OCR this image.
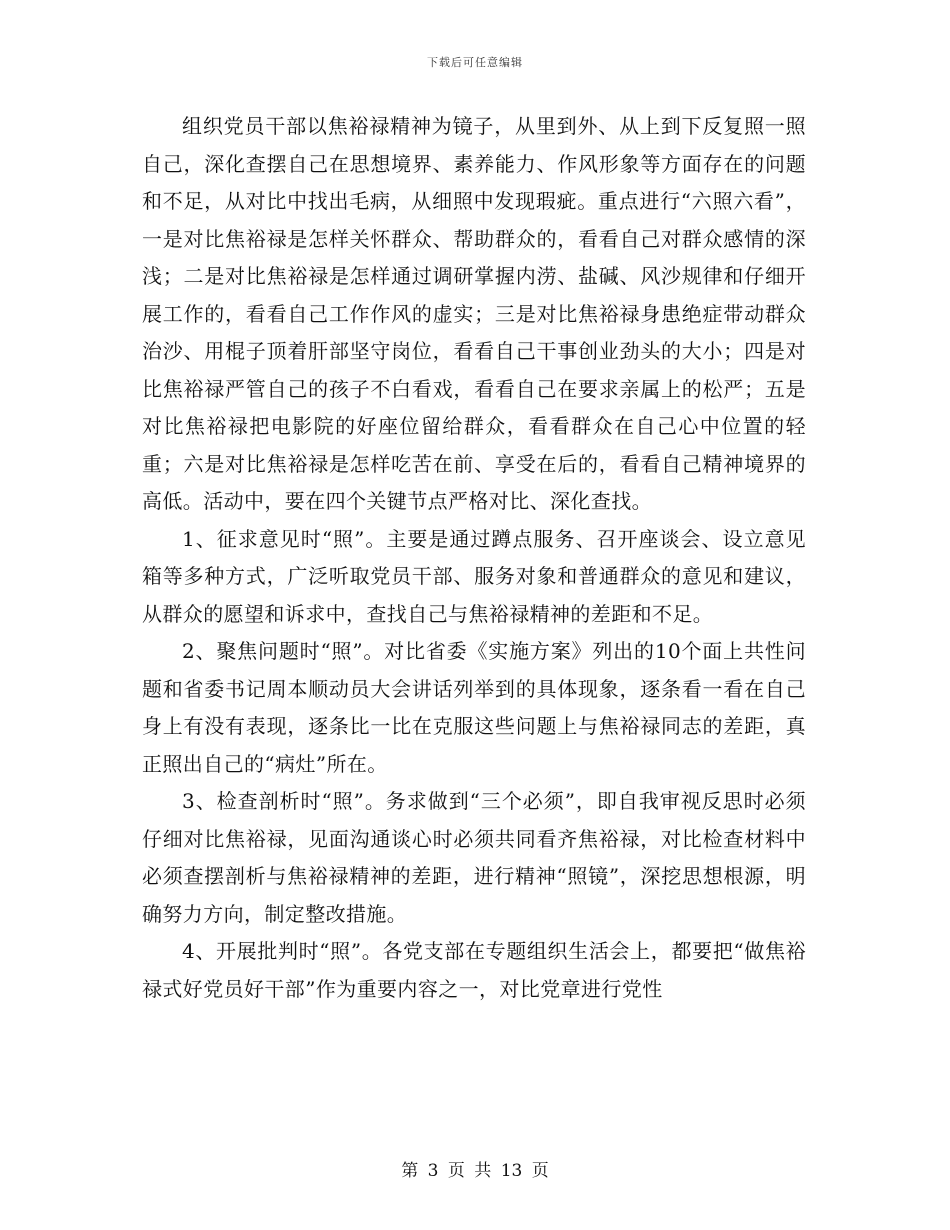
下载后可任意编辑

组织党员干部以焦裕禄精神为镜子，从里到外、从上到下反复照一照自己，深化查摆自己在思想境界、素养能力、作风形象等方面存在的问题和不足，从对比中找出毛病，从细照中发现瑕疵。重点进行“六照六看”，一是对比焦裕禄是怎样关怀群众、帮助群众的，看看自己对群众感情的深浅；二是对比焦裕禄是怎样通过调研掌握内涝、盐碱、风沙规律和仔细开展工作的，看看自己工作作风的虚实；三是对比焦裕禄身患绝症带动群众治沙、用棍子顶着肝部坚守岗位，看看自己干事创业劲头的大小；四是对比焦裕禄严管自己的孩子不白看戏，看看自己在要求亲属上的松严；五是对比焦裕禄把电影院的好座位留给群众，看看群众在自己心中位置的轻重；六是对比焦裕禄是怎样吃苦在前、享受在后的，看看自己精神境界的高低。活动中，要在四个关键节点严格对比、深化查找。

1、征求意见时“照”。主要是通过蹲点服务、召开座谈会、设立意见箱等多种方式，广泛听取党员干部、服务对象和普通群众的意见和建议，从群众的愿望和诉求中，查找自己与焦裕禄精神的差距和不足。

2、聚焦问题时“照”。对比省委《实施方案》列出的10个面上共性问题和省委书记周本顺动员大会讲话列举到的具体现象，逐条看一看在自己身上有没有表现，逐条比一比在克服这些问题上与焦裕禄同志的差距，真正照出自己的“病灶”所在。

3、检查剖析时“照”。务求做到“三个必须”，即自我审视反思时必须仔细对比焦裕禄，见面沟通谈心时必须共同看齐焦裕禄，对比检查材料中必须查摆剖析与焦裕禄精神的差距，进行精神“照镜”，深挖思想根源，明确努力方向，制定整改措施。

4、开展批判时“照”。各党支部在专题组织生活会上，都要把“做焦裕禄式好党员好干部”作为重要内容之一，对比党章进行党性

第 3 页 共 13 页
